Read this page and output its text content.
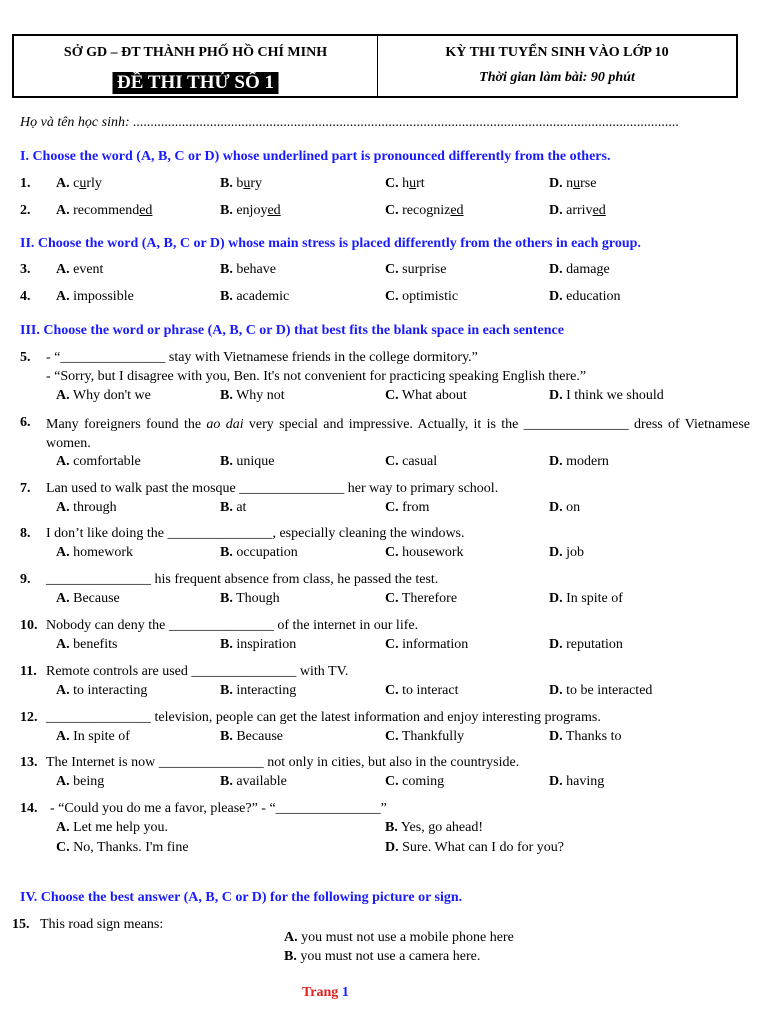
SỞ GD – ĐT THÀNH PHỐ HỒ CHÍ MINH
ĐỀ THI THỬ SỐ 1
KỲ THI TUYỂN SINH VÀO LỚP 10
Thời gian làm bài: 90 phút
Họ và tên học sinh: ............................................................................................................................................................
I. Choose the word (A, B, C or D) whose underlined part is pronounced differently from the others.
1. A. curly	B. bury	C. hurt	D. nurse
2. A. recommended	B. enjoyed	C. recognized	D. arrived
II. Choose the word (A, B, C or D) whose main stress is placed differently from the others in each group.
3. A. event	B. behave	C. surprise	D. damage
4. A. impossible	B. academic	C. optimistic	D. education
III. Choose the word or phrase (A, B, C or D) that best fits the blank space in each sentence
5. - “_______________ stay with Vietnamese friends in the college dormitory.”
- “Sorry, but I disagree with you, Ben. It's not convenient for practicing speaking English there.”
A. Why don't we	B. Why not	C. What about	D. I think we should
6. Many foreigners found the ao dai very special and impressive. Actually, it is the _______________ dress of Vietnamese women.
A. comfortable	B. unique	C. casual	D. modern
7. Lan used to walk past the mosque _______________ her way to primary school.
A. through	B. at	C. from	D. on
8. I don’t like doing the _______________, especially cleaning the windows.
A. homework	B. occupation	C. housework	D. job
9. _______________ his frequent absence from class, he passed the test.
A. Because	B. Though	C. Therefore	D. In spite of
10. Nobody can deny the _______________ of the internet in our life.
A. benefits	B. inspiration	C. information	D. reputation
11. Remote controls are used _______________ with TV.
A. to interacting	B. interacting	C. to interact	D. to be interacted
12. _______________ television, people can get the latest information and enjoy interesting programs.
A. In spite of	B. Because	C. Thankfully	D. Thanks to
13. The Internet is now _______________ not only in cities, but also in the countryside.
A. being	B. available	C. coming	D. having
14. - “Could you do me a favor, please?” - “_______________”
A. Let me help you.	B. Yes, go ahead!
C. No, Thanks. I'm fine	D. Sure. What can I do for you?
IV. Choose the best answer (A, B, C or D) for the following picture or sign.
15. This road sign means:
A. you must not use a mobile phone here
B. you must not use a camera here.
Trang 1
